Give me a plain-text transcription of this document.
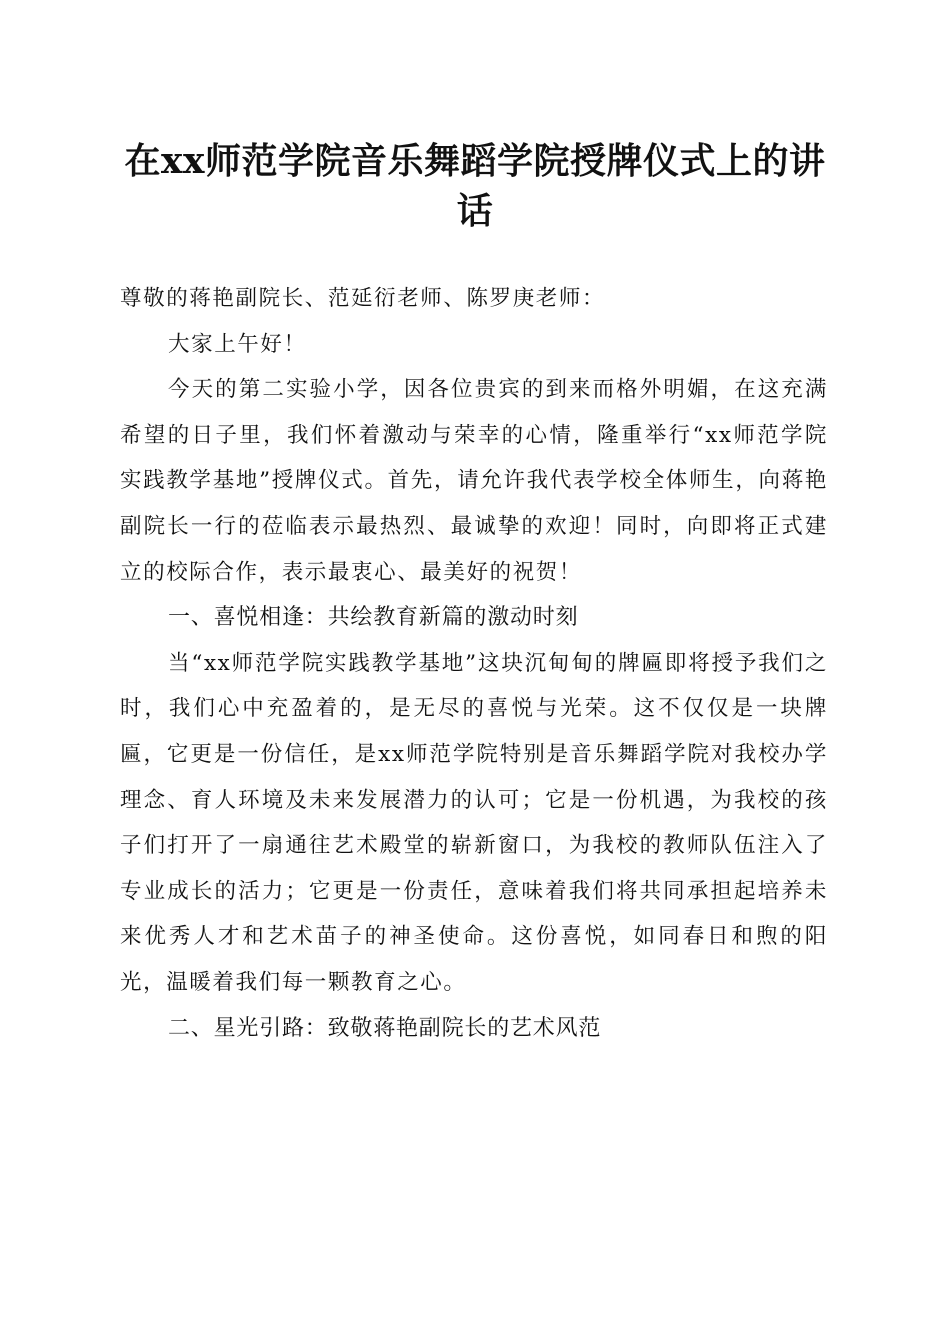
在xx师范学院音乐舞蹈学院授牌仪式上的讲话

尊敬的蒋艳副院长、范延衍老师、陈罗庚老师：

大家上午好！

今天的第二实验小学，因各位贵宾的到来而格外明媚，在这充满希望的日子里，我们怀着激动与荣幸的心情，隆重举行“xx师范学院实践教学基地”授牌仪式。首先，请允许我代表学校全体师生，向蒋艳副院长一行的莅临表示最热烈、最诚挚的欢迎！同时，向即将正式建立的校际合作，表示最衷心、最美好的祝贺！

一、喜悦相逢：共绘教育新篇的激动时刻

当“xx师范学院实践教学基地”这块沉甸甸的牌匾即将授予我们之时，我们心中充盈着的，是无尽的喜悦与光荣。这不仅仅是一块牌匾，它更是一份信任，是xx师范学院特别是音乐舞蹈学院对我校办学理念、育人环境及未来发展潜力的认可；它是一份机遇，为我校的孩子们打开了一扇通往艺术殿堂的崭新窗口，为我校的教师队伍注入了专业成长的活力；它更是一份责任，意味着我们将共同承担起培养未来优秀人才和艺术苗子的神圣使命。这份喜悦，如同春日和煦的阳光，温暖着我们每一颗教育之心。

二、星光引路：致敬蒋艳副院长的艺术风范
